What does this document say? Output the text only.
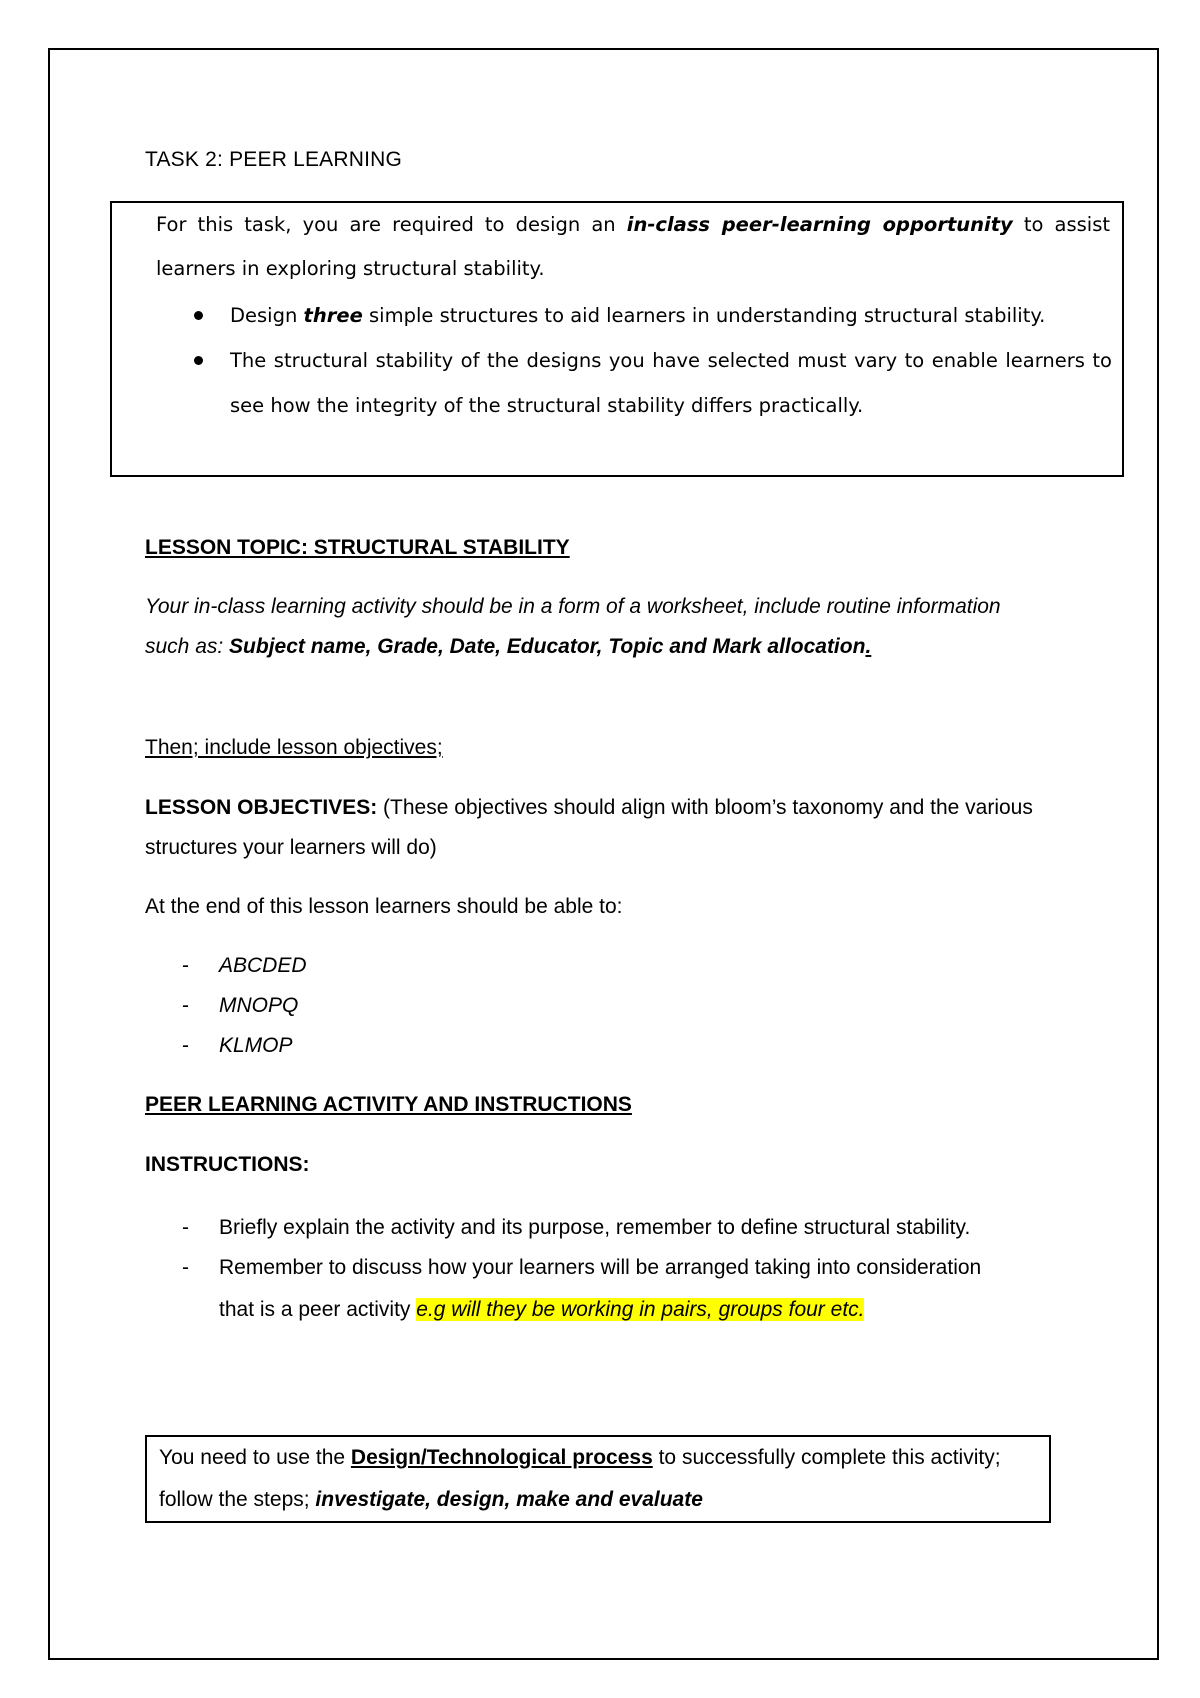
TASK 2: PEER LEARNING

For this task, you are required to design an in-class peer-learning opportunity to assist learners in exploring structural stability.

Design three simple structures to aid learners in understanding structural stability.
The structural stability of the designs you have selected must vary to enable learners to see how the integrity of the structural stability differs practically.
LESSON TOPIC: STRUCTURAL STABILITY
Your in-class learning activity should be in a form of a worksheet, include routine information such as: Subject name, Grade, Date, Educator, Topic and Mark allocation.
Then; include lesson objectives;
LESSON OBJECTIVES: (These objectives should align with bloom’s taxonomy and the various structures your learners will do)
At the end of this lesson learners should be able to:
- ABCDED
- MNOPQ
- KLMOP
PEER LEARNING ACTIVITY AND INSTRUCTIONS
INSTRUCTIONS:
- Briefly explain the activity and its purpose, remember to define structural stability.
- Remember to discuss how your learners will be arranged taking into consideration that is a peer activity e.g will they be working in pairs, groups four etc.
You need to use the Design/Technological process to successfully complete this activity; follow the steps; investigate, design, make and evaluate
